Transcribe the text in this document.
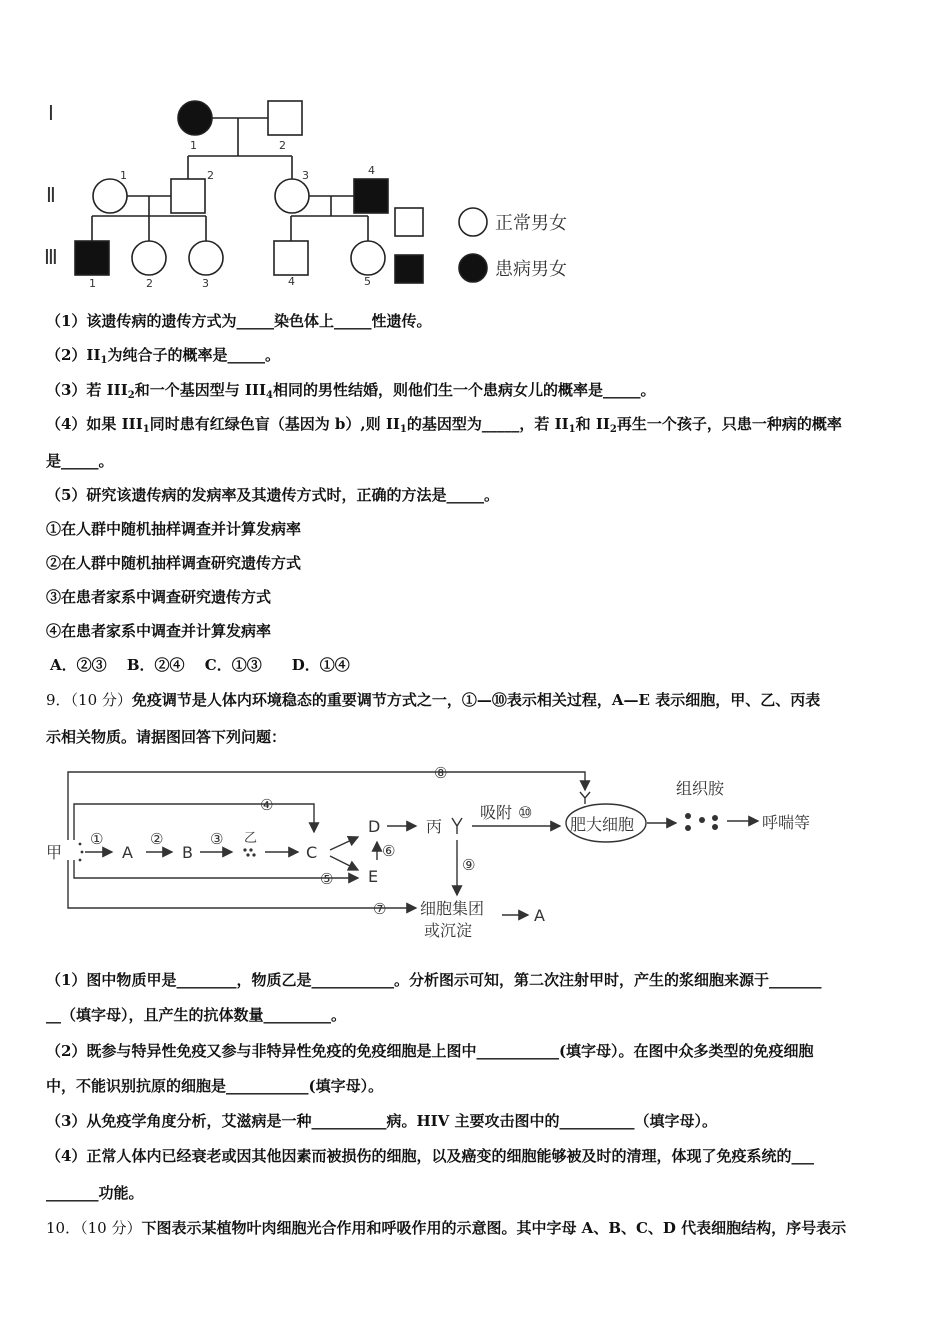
Ⅰ
Ⅱ
Ⅲ
1	2
1	2	3	4
1	2	3	4	5
正常男女
患病男女
（1）该遗传病的遗传方式为_____染色体上_____性遗传。
$(2)II_1$为纯合子的概率是_____。
（3）若 $III_2$和一个基因型与 $III_4$相同的男性结婚，则他们生一个患病女儿的概率是_____。
（4）如果 $III_1$同时患有红绿色盲（基因为 b）,则 $II_1$的基因型为_____，若 $II_1$和 $II_2$再生一个孩子，只患一种病的概率
是_____。
（5）研究该遗传病的发病率及其遗传方式时，正确的方法是_____。
①在人群中随机抽样调查并计算发病率
②在人群中随机抽样调查研究遗传方式
③在患者家系中调查研究遗传方式
④在患者家系中调查并计算发病率
A．②③　 B．②④　 C．①③　　D．①④
9．（10 分）免疫调节是人体内环境稳态的重要调节方式之一，①—⑩表示相关过程，A—E 表示细胞，甲、乙、丙表
示相关物质。请据图回答下列问题：
甲	A	B
乙
C
D
E
丙
吸附 ⑩
肥大细胞
组织胺
呼喘等
细胞集团
或沉淀
A
①	②	③
④
⑤
⑥
⑦
⑧
⑨
（1）图中物质甲是________，物质乙是___________。分析图示可知，第二次注射甲时，产生的浆细胞来源于_______
__（填字母），且产生的抗体数量_________。
（2）既参与特异性免疫又参与非特异性免疫的免疫细胞是上图中___________(填字母）。在图中众多类型的免疫细胞
中，不能识别抗原的细胞是___________(填字母）。
（3）从免疫学角度分析，艾滋病是一种__________病。HIV 主要攻击图中的__________（填字母）。
（4）正常人体内已经衰老或因其他因素而被损伤的细胞，以及癌变的细胞能够被及时的清理，体现了免疫系统的___
_______功能。
10．（10 分）下图表示某植物叶肉细胞光合作用和呼吸作用的示意图。其中字母 A、B、C、D 代表细胞结构，序号表示
